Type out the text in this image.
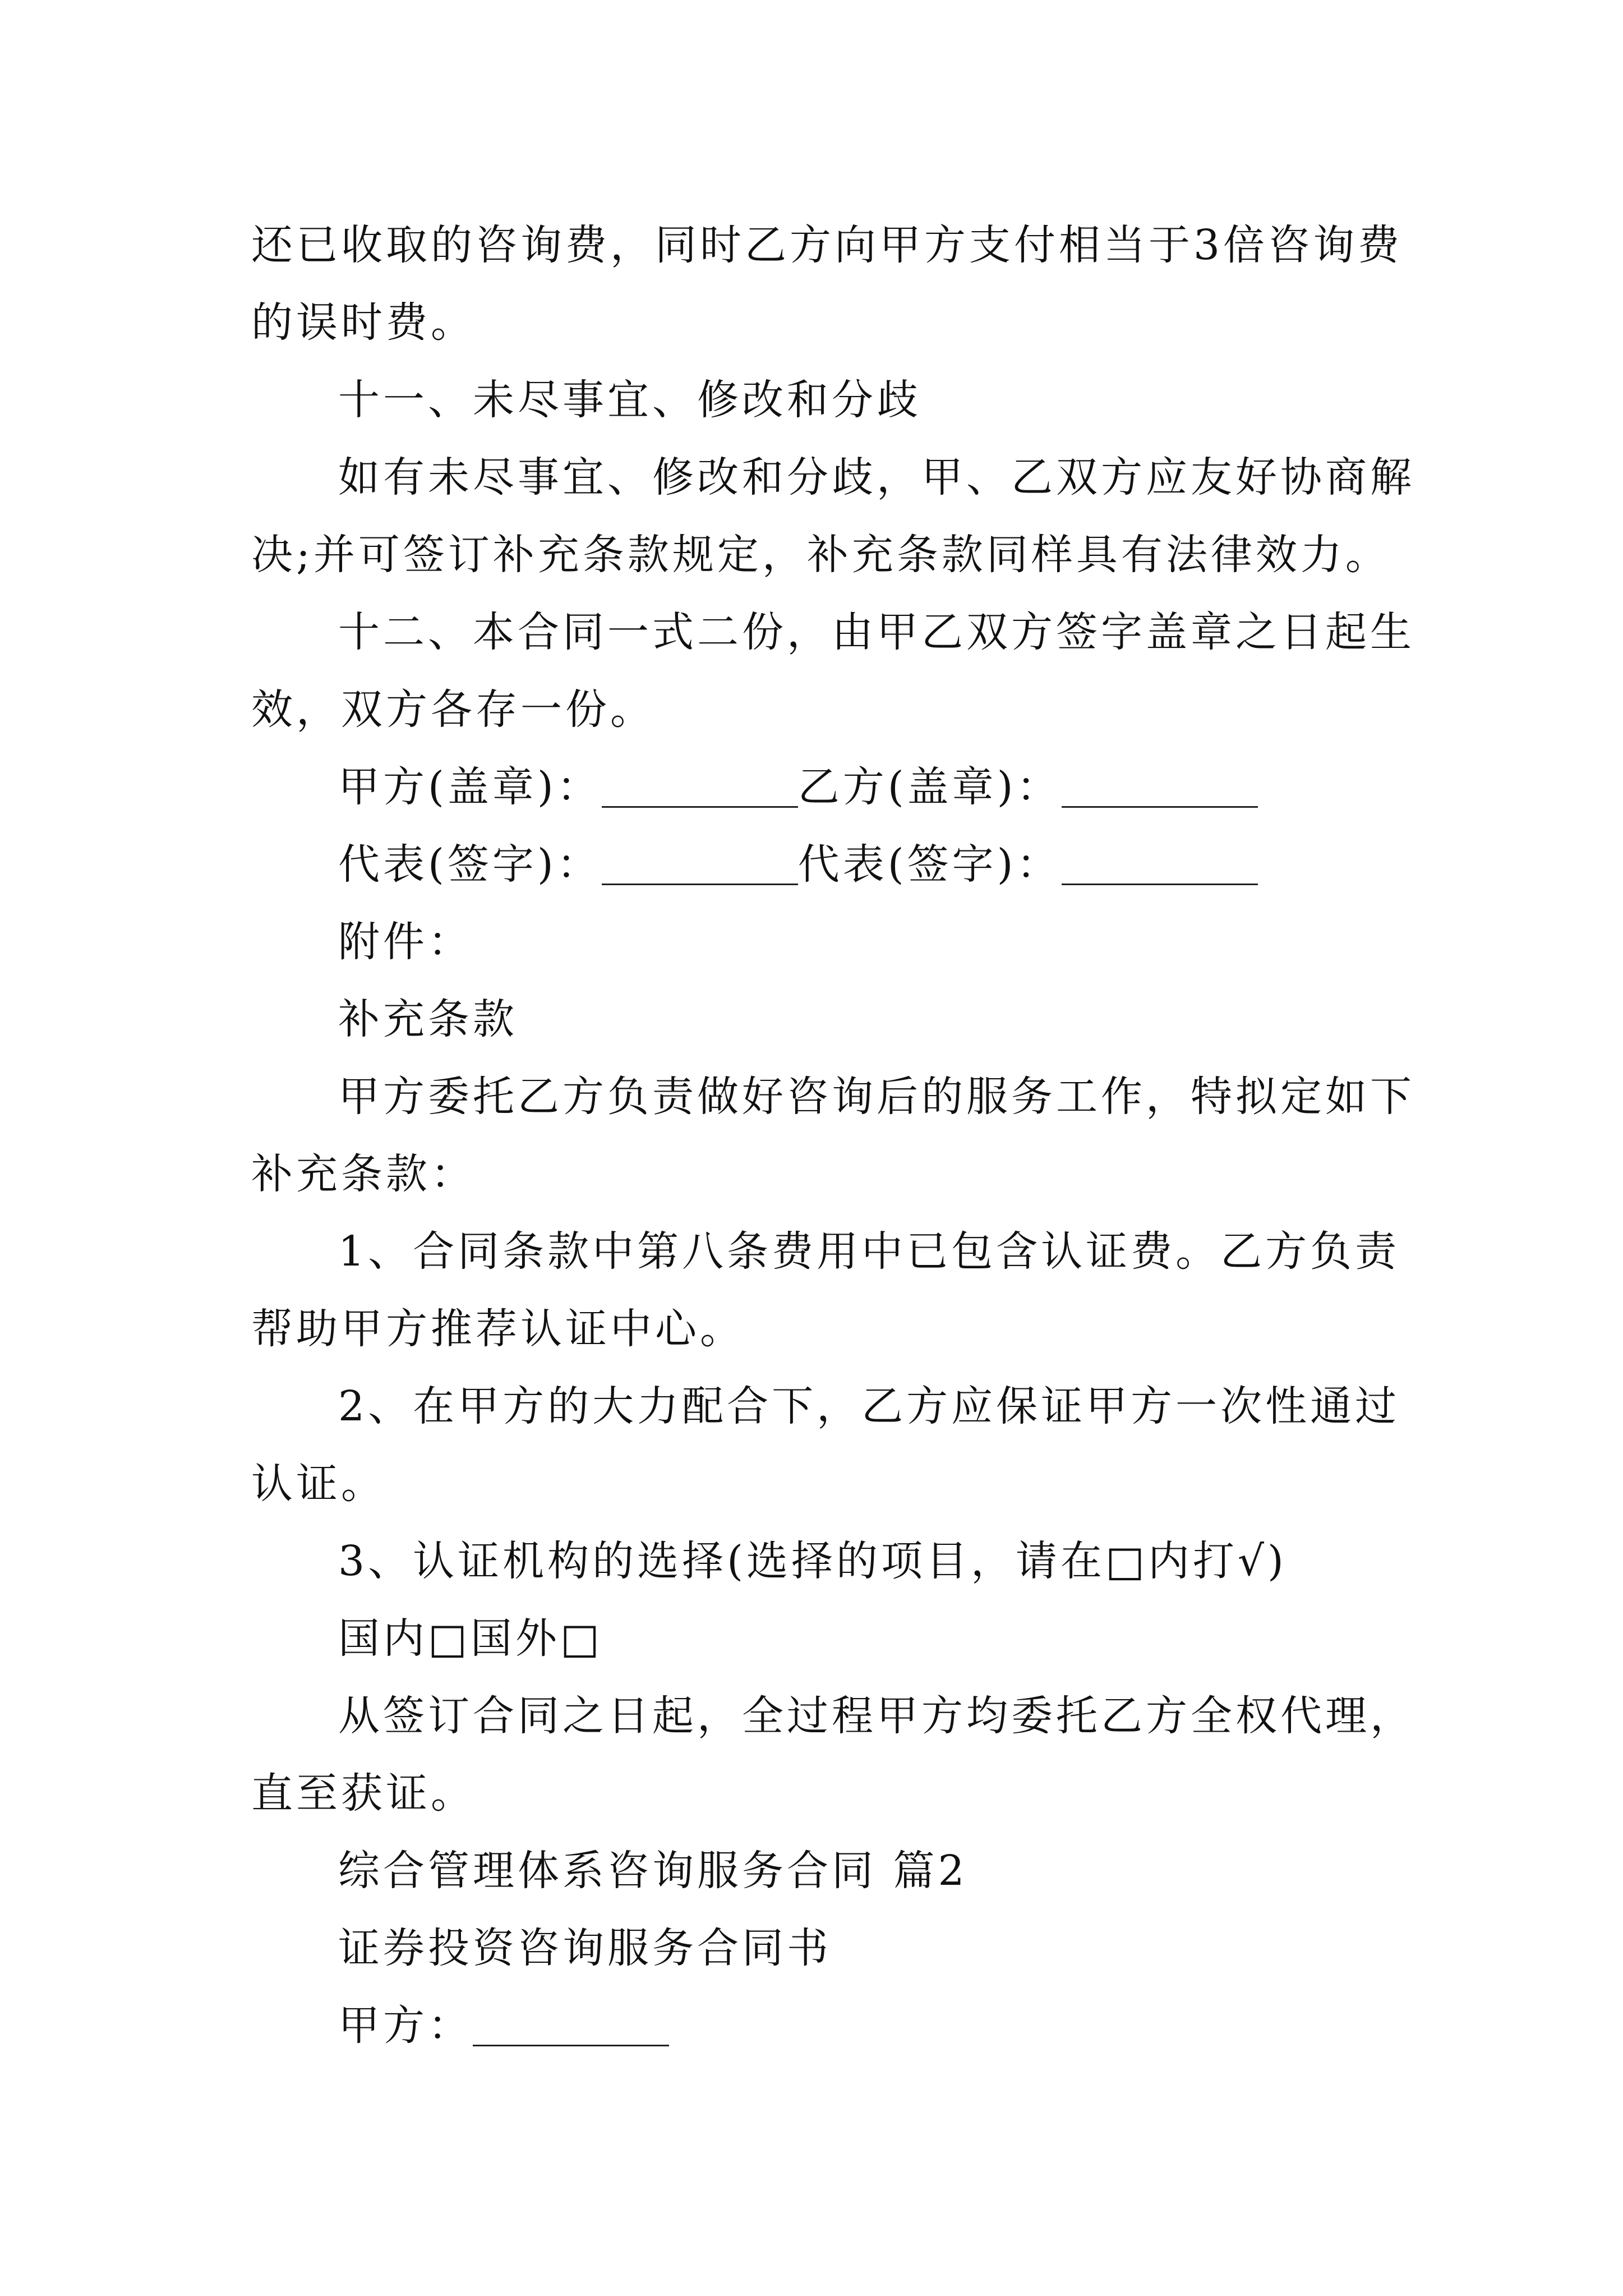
还已收取的咨询费，同时乙方向甲方支付相当于3倍咨询费
的误时费。
十一、未尽事宜、修改和分歧
如有未尽事宜、修改和分歧，甲、乙双方应友好协商解
决;并可签订补充条款规定，补充条款同样具有法律效力。
十二、本合同一式二份，由甲乙双方签字盖章之日起生
效，双方各存一份。
甲方(盖章)：	乙方(盖章)：
代表(签字)：	代表(签字)：
附件：
补充条款
甲方委托乙方负责做好咨询后的服务工作，特拟定如下
补充条款：
1、合同条款中第八条费用中已包含认证费。乙方负责
帮助甲方推荐认证中心。
2、在甲方的大力配合下，乙方应保证甲方一次性通过
认证。
3、认证机构的选择(选择的项目，请在□内打√)
国内□国外□
从签订合同之日起，全过程甲方均委托乙方全权代理，
直至获证。
综合管理体系咨询服务合同 篇2
证券投资咨询服务合同书
甲方：
